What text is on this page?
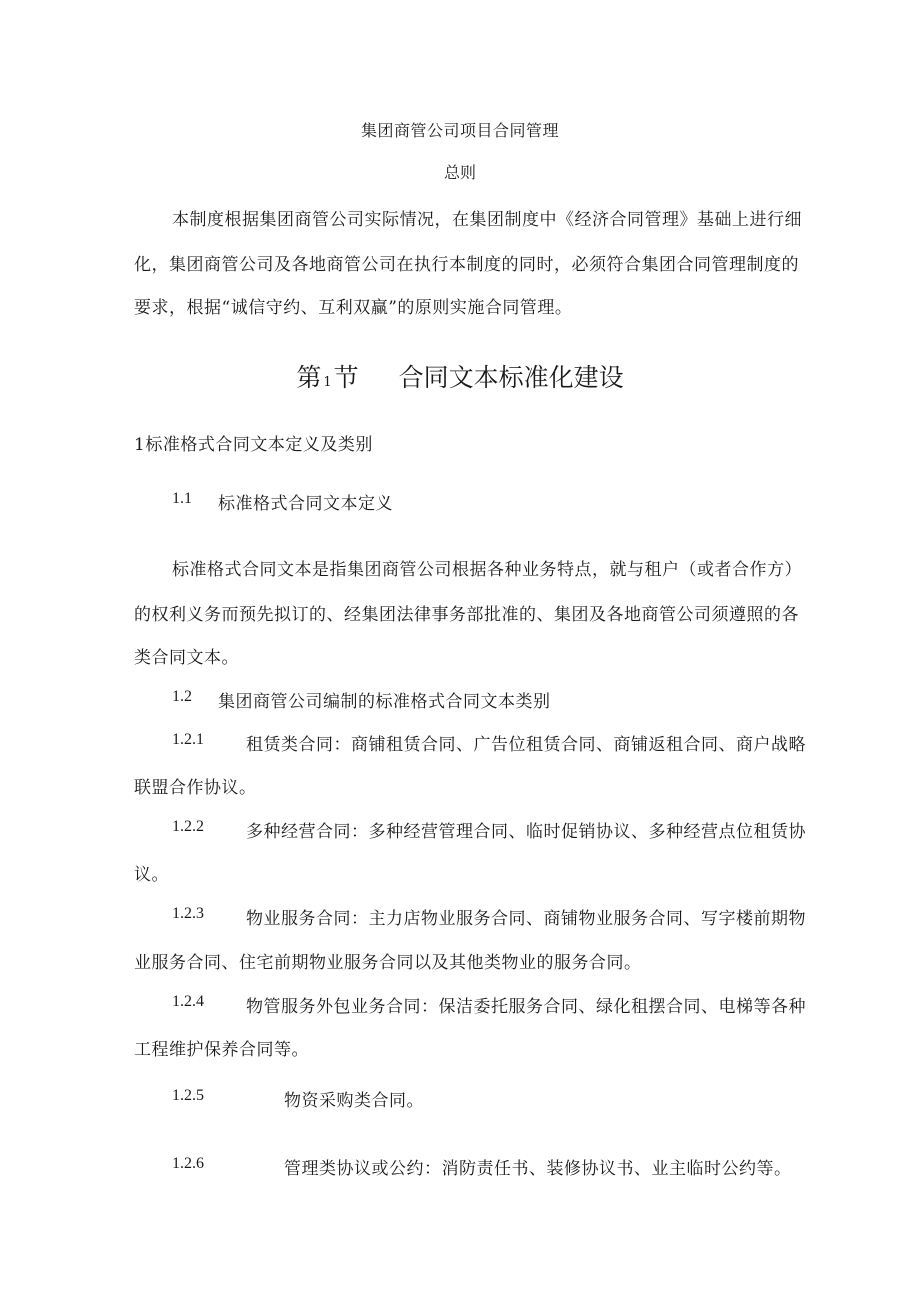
集团商管公司项目合同管理
总则
本制度根据集团商管公司实际情况，在集团制度中《经济合同管理》基础上进行细
化，集团商管公司及各地商管公司在执行本制度的同时，必须符合集团合同管理制度的
要求，根据“诚信守约、互利双赢”的原则实施合同管理。
第 1节 合同文本标准化建设
1标准格式合同文本定义及类别
1.1 标准格式合同文本定义
标准格式合同文本是指集团商管公司根据各种业务特点，就与租户（或者合作方）
的权利义务而预先拟订的、经集团法律事务部批准的、集团及各地商管公司须遵照的各
类合同文本。
1.2 集团商管公司编制的标准格式合同文本类别
1.2.1 租赁类合同：商铺租赁合同、广告位租赁合同、商铺返租合同、商户战略
联盟合作协议。
1.2.2 多种经营合同：多种经营管理合同、临时促销协议、多种经营点位租赁协
议。
1.2.3 物业服务合同：主力店物业服务合同、商铺物业服务合同、写字楼前期物
业服务合同、住宅前期物业服务合同以及其他类物业的服务合同。
1.2.4 物管服务外包业务合同：保洁委托服务合同、绿化租摆合同、电梯等各种
工程维护保养合同等。
1.2.5	物资采购类合同。
1.2.6	管理类协议或公约：消防责任书、装修协议书、业主临时公约等。
